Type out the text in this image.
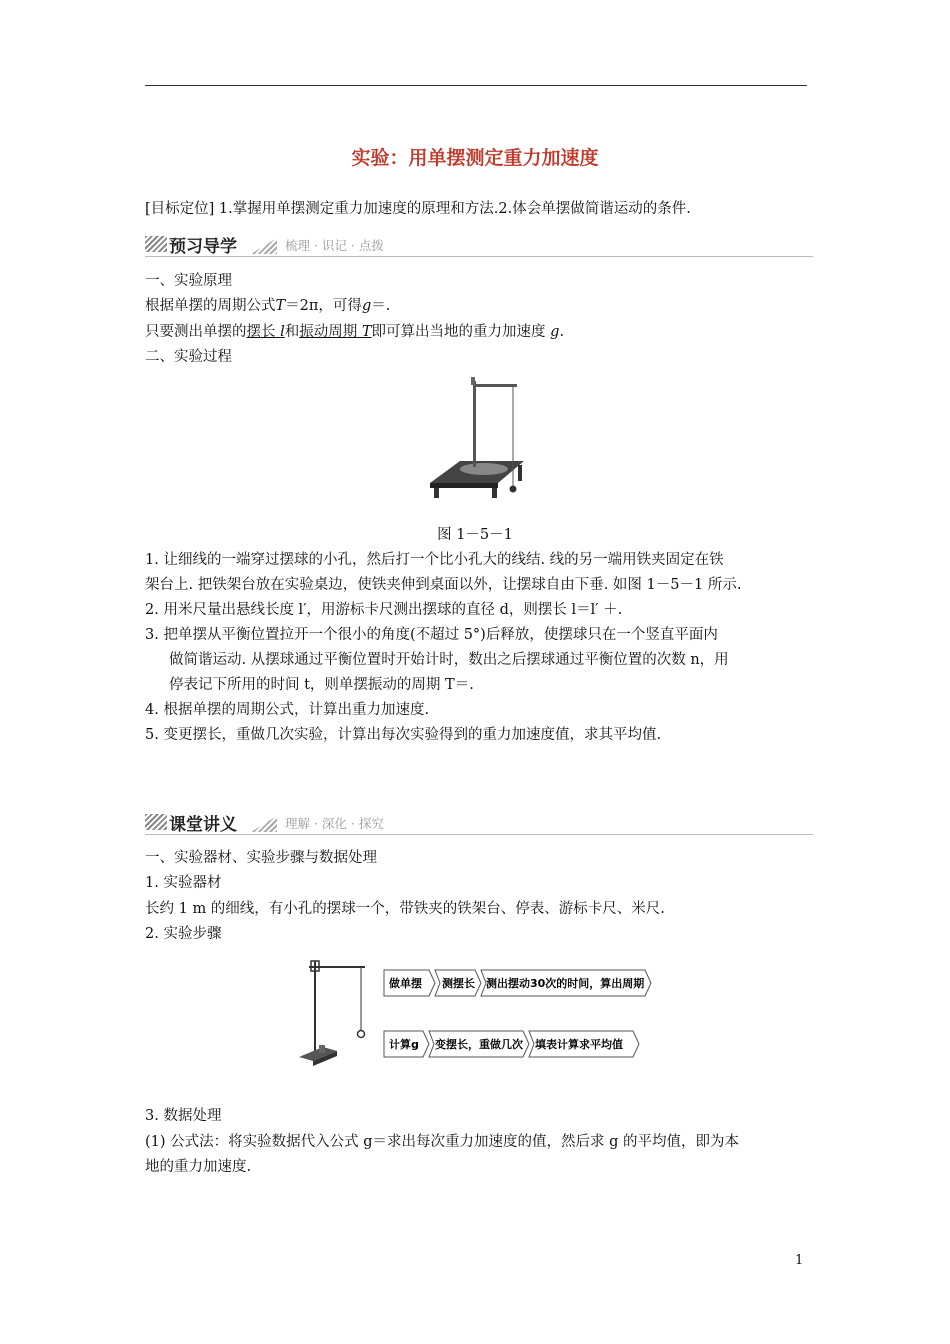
实验：用单摆测定重力加速度
[目标定位] 1.掌握用单摆测定重力加速度的原理和方法.2.体会单摆做简谐运动的条件.
预习导学	梳理 · 识记 · 点拨
一、实验原理
根据单摆的周期公式T＝2π，可得g＝.
只要测出单摆的摆长 l和振动周期 T即可算出当地的重力加速度 g.
二、实验过程
图 1－5－1
1. 让细线的一端穿过摆球的小孔，然后打一个比小孔大的线结. 线的另一端用铁夹固定在铁
架台上. 把铁架台放在实验桌边，使铁夹伸到桌面以外，让摆球自由下垂. 如图 1－5－1 所示.
2. 用米尺量出悬线长度 l′，用游标卡尺测出摆球的直径 d，则摆长 l＝l′ ＋.
3. 把单摆从平衡位置拉开一个很小的角度(不超过 5°)后释放，使摆球只在一个竖直平面内
做简谐运动. 从摆球通过平衡位置时开始计时，数出之后摆球通过平衡位置的次数 n，用
停表记下所用的时间 t，则单摆振动的周期 T＝.
4. 根据单摆的周期公式，计算出重力加速度.
5. 变更摆长，重做几次实验，计算出每次实验得到的重力加速度值，求其平均值.
课堂讲义	理解 · 深化 · 探究
一、实验器材、实验步骤与数据处理
1. 实验器材
长约 1 m 的细线，有小孔的摆球一个，带铁夹的铁架台、停表、游标卡尺、米尺.
2. 实验步骤
做单摆 测摆长 测出摆动30次的时间，算出周期
计算g 变摆长，重做几次 填表计算求平均值
3. 数据处理
(1) 公式法：将实验数据代入公式 g＝求出每次重力加速度的值，然后求 g 的平均值，即为本
地的重力加速度.
1
